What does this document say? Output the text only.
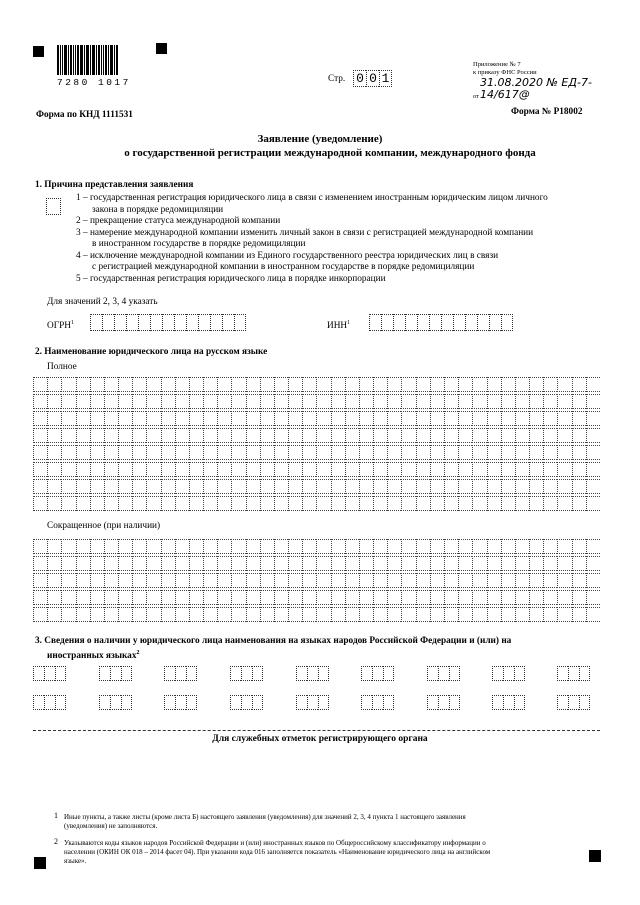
7280 1017	Стр. 0 0 1
Приложение № 7
к приказу ФНС России
от
31.08.2020 № ЕД-7-14/617@
Форма по КНД 1111531	Форма № Р18002
Заявление (уведомление)
о государственной регистрации международной компании, международного фонда
1. Причина представления заявления
1 – государственная регистрация юридического лица в связи с изменением иностранным юридическим лицом личного
закона в порядке редомициляции
2 – прекращение статуса международной компании
3 – намерение международной компании изменить личный закон в связи с регистрацией международной компании
в иностранном государстве в порядке редомициляции
4 – исключение международной компании из Единого государственного реестра юридических лиц в связи
с регистрацией международной компании в иностранном государстве в порядке редомициляции
5 – государственная регистрация юридического лица в порядке инкорпорации
Для значений 2, 3, 4 указать
ОГРН$^1$	ИНН$^1$
2. Наименование юридического лица на русском языке
Полное
Сокращенное (при наличии)
3. Сведения о наличии у юридического лица наименования на языках народов Российской Федерации и (или) на
иностранных языках$^2$
Для служебных отметок регистрирующего органа
1 Иные пункты, а также листы (кроме листа Б) настоящего заявления (уведомления) для значений 2, 3, 4 пункта 1 настоящего заявления
(уведомления) не заполняются.
2 Указываются коды языков народов Российской Федерации и (или) иностранных языков по Общероссийскому классификатору информации о
населении (ОКИН ОК 018 – 2014 фасет 04). При указании кода 016 заполняется показатель «Наименование юридического лица на английском
языке».
